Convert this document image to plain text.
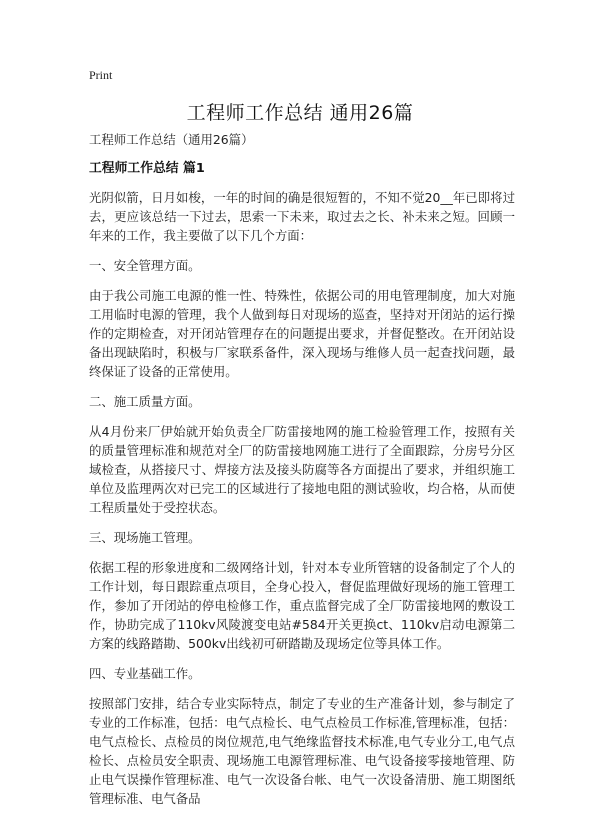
Print
工程师工作总结 通用26篇

工程师工作总结（通用26篇）

工程师工作总结 篇1

光阴似箭，日月如梭，一年的时间的确是很短暂的，不知不觉20__年已即将过去，更应该总结一下过去，思索一下未来，取过去之长、补未来之短。回顾一年来的工作，我主要做了以下几个方面：

一、安全管理方面。

由于我公司施工电源的惟一性、特殊性，依据公司的用电管理制度，加大对施工用临时电源的管理，我个人做到每日对现场的巡查，坚持对开闭站的运行操作的定期检查，对开闭站管理存在的问题提出要求，并督促整改。在开闭站设备出现缺陷时，积极与厂家联系备件，深入现场与维修人员一起查找问题，最终保证了设备的正常使用。

二、施工质量方面。

从4月份来厂伊始就开始负责全厂防雷接地网的施工检验管理工作，按照有关的质量管理标准和规范对全厂的防雷接地网施工进行了全面跟踪，分房号分区域检查，从搭接尺寸、焊接方法及接头防腐等各方面提出了要求，并组织施工单位及监理两次对已完工的区域进行了接地电阻的测试验收，均合格，从而使工程质量处于受控状态。

三、现场施工管理。

依据工程的形象进度和二级网络计划，针对本专业所管辖的设备制定了个人的工作计划，每日跟踪重点项目，全身心投入，督促监理做好现场的施工管理工作，参加了开闭站的停电检修工作，重点监督完成了全厂防雷接地网的敷设工作，协助完成了110kv风陵渡变电站#584开关更换ct、110kv启动电源第二方案的线路踏勘、500kv出线初可研踏勘及现场定位等具体工作。

四、专业基础工作。

按照部门安排，结合专业实际特点，制定了专业的生产准备计划，参与制定了专业的工作标准，包括：电气点检长、电气点检员工作标准,管理标准，包括：电气点检长、点检员的岗位规范,电气绝缘监督技术标准,电气专业分工,电气点检长、点检员安全职责、现场施工电源管理标准、电气设备接零接地管理、防止电气误操作管理标准、电气一次设备台帐、电气一次设备清册、施工期图纸管理标准、电气备品
